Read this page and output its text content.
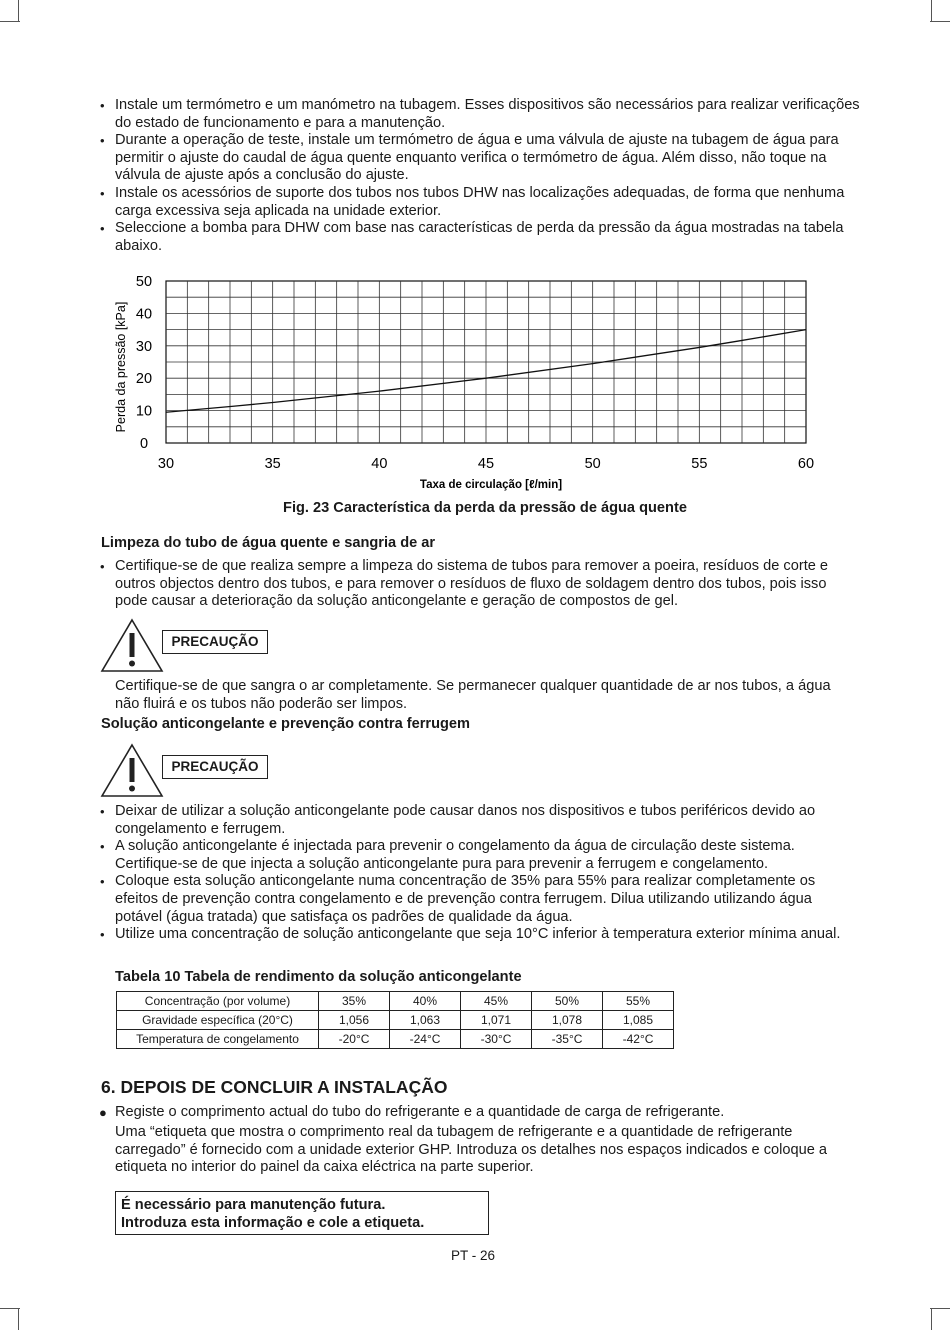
• Instale um termómetro e um manómetro na tubagem. Esses dispositivos são necessários para realizar verificações do estado de funcionamento e para a manutenção.
• Durante a operação de teste, instale um termómetro de água e uma válvula de ajuste na tubagem de água para permitir o ajuste do caudal de água quente enquanto verifica o termómetro de água. Além disso, não toque na válvula de ajuste após a conclusão do ajuste.
• Instale os acessórios de suporte dos tubos nos tubos DHW nas localizações adequadas, de forma que nenhuma carga excessiva seja aplicada na unidade exterior.
• Seleccione a bomba para DHW com base nas características de perda da pressão da água mostradas na tabela abaixo.
30	35	40	45	50	55	60
0
10
20
30
40
50
Perda da pressão [kPa]
Taxa de circulação [ℓ/min]
Fig. 23 Característica da perda da pressão de água quente
Limpeza do tubo de água quente e sangria de ar
• Certifique-se de que realiza sempre a limpeza do sistema de tubos para remover a poeira, resíduos de corte e outros objectos dentro dos tubos, e para remover o resíduos de fluxo de soldagem dentro dos tubos, pois isso pode causar a deterioração da solução anticongelante e geração de compostos de gel.
PRECAUÇÃO
Certifique-se de que sangra o ar completamente. Se permanecer qualquer quantidade de ar nos tubos, a água não fluirá e os tubos não poderão ser limpos.
Solução anticongelante e prevenção contra ferrugem
PRECAUÇÃO
• Deixar de utilizar a solução anticongelante pode causar danos nos dispositivos e tubos periféricos devido ao congelamento e ferrugem.
• A solução anticongelante é injectada para prevenir o congelamento da água de circulação deste sistema. Certifique-se de que injecta a solução anticongelante pura para prevenir a ferrugem e congelamento.
• Coloque esta solução anticongelante numa concentração de 35% para 55% para realizar completamente os efeitos de prevenção contra congelamento e de prevenção contra ferrugem. Dilua utilizando utilizando água potável (água tratada) que satisfaça os padrões de qualidade da água.
• Utilize uma concentração de solução anticongelante que seja 10°C inferior à temperatura exterior mínima anual.
Tabela 10 Tabela de rendimento da solução anticongelante
Concentração (por volume)	35%	40%	45%	50%	55%
Gravidade específica (20°C)	1,056	1,063	1,071	1,078	1,085
Temperatura de congelamento	-20°C	-24°C	-30°C	-35°C	-42°C
6. DEPOIS DE CONCLUIR A INSTALAÇÃO
● Registe o comprimento actual do tubo do refrigerante e a quantidade de carga de refrigerante.
Uma “etiqueta que mostra o comprimento real da tubagem de refrigerante e a quantidade de refrigerante carregado” é fornecido com a unidade exterior GHP. Introduza os detalhes nos espaços indicados e coloque a etiqueta no interior do painel da caixa eléctrica na parte superior.
É necessário para manutenção futura.
Introduza esta informação e cole a etiqueta.
PT - 26
